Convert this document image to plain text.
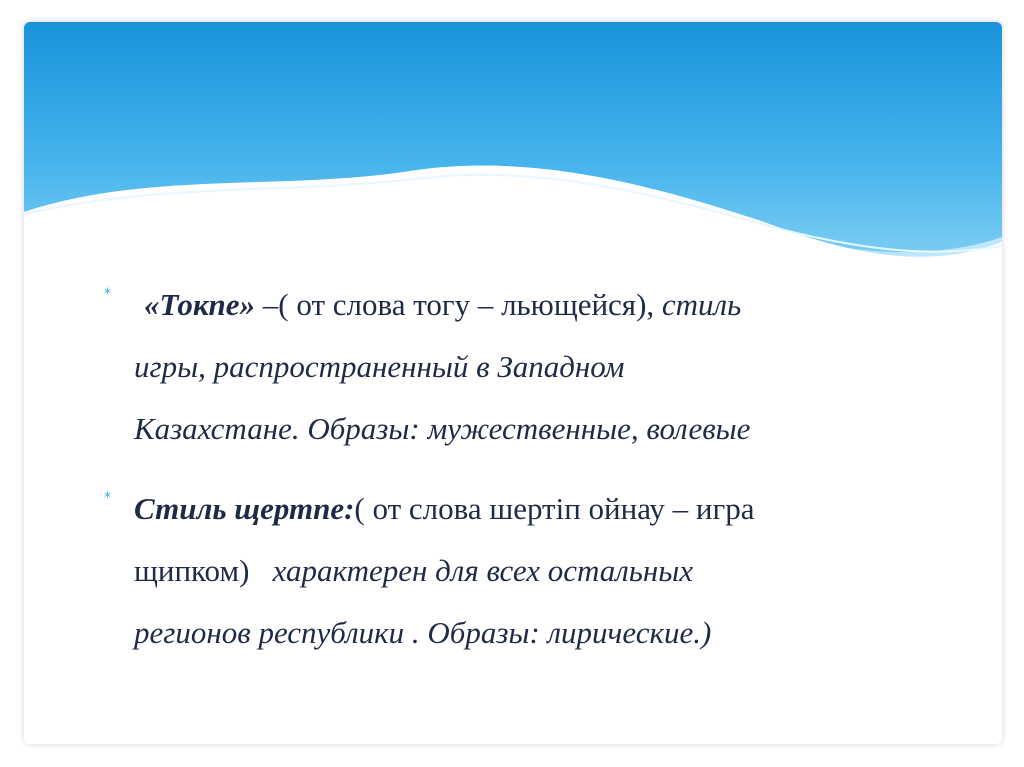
*	«Токпе» –( от слова тогу – льющейся), стиль
игры, распространенный в Западном
Казахстане. Образы: мужественные, волевые
* Стиль щертпе:( от слова шертіп ойнау – игра
щипком)   характерен для всех остальных
регионов республики . Образы: лирические.)
